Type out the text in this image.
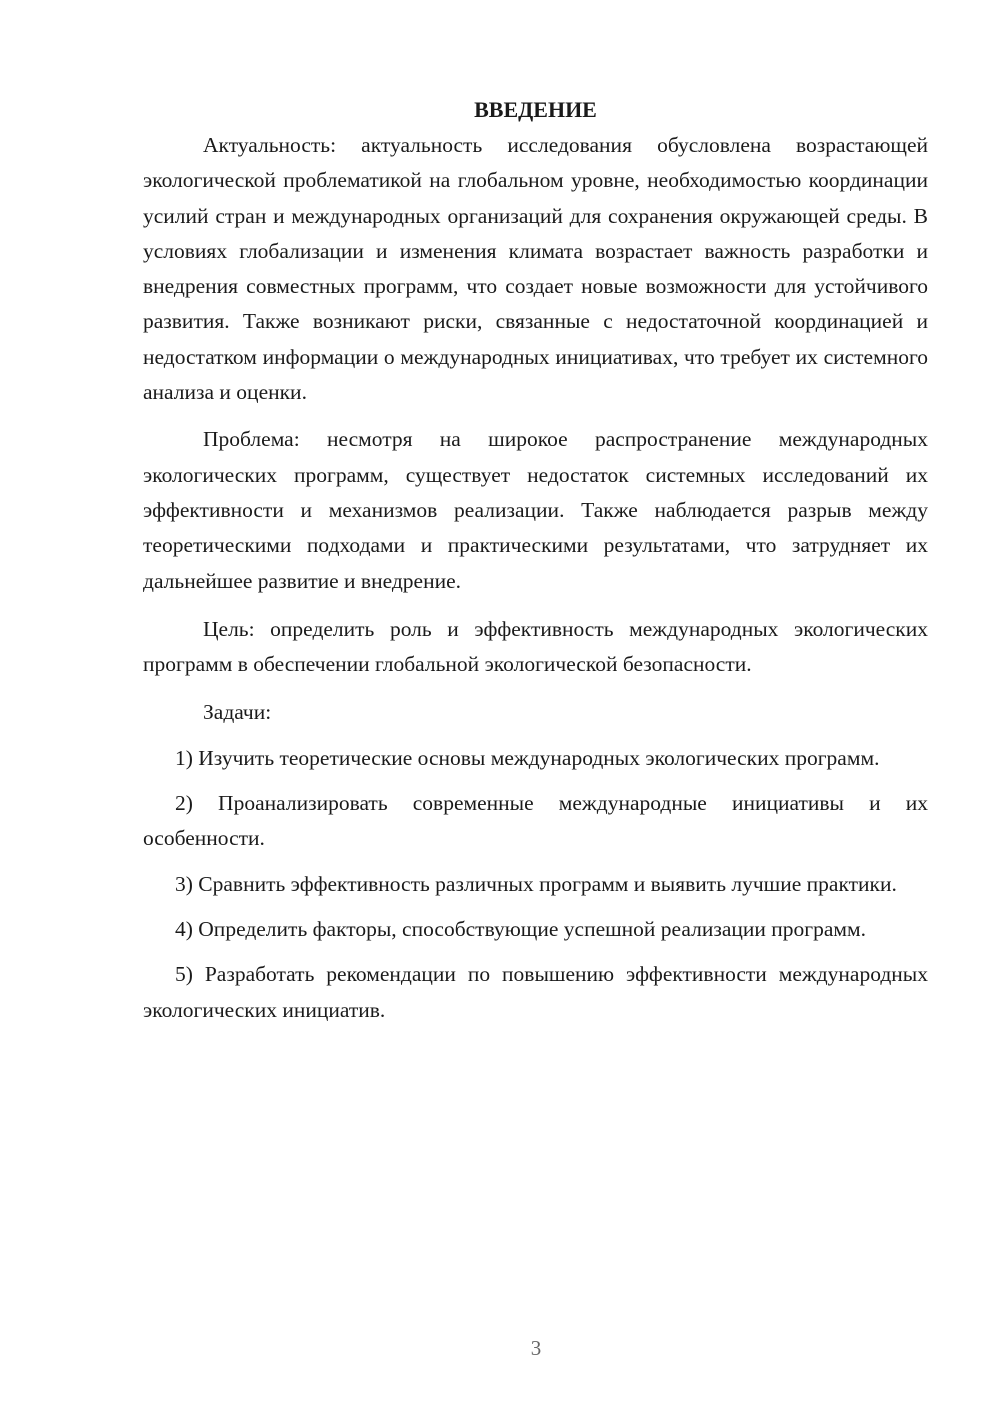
ВВЕДЕНИЕ

Актуальность: актуальность исследования обусловлена возрастающей экологической проблематикой на глобальном уровне, необходимостью координации усилий стран и международных организаций для сохранения окружающей среды. В условиях глобализации и изменения климата возрастает важность разработки и внедрения совместных программ, что создает новые возможности для устойчивого развития. Также возникают риски, связанные с недостаточной координацией и недостатком информации о международных инициативах, что требует их системного анализа и оценки.

Проблема: несмотря на широкое распространение международных экологических программ, существует недостаток системных исследований их эффективности и механизмов реализации. Также наблюдается разрыв между теоретическими подходами и практическими результатами, что затрудняет их дальнейшее развитие и внедрение.

Цель: определить роль и эффективность международных экологических программ в обеспечении глобальной экологической безопасности.

Задачи:

1) Изучить теоретические основы международных экологических программ.

2) Проанализировать современные международные инициативы и их особенности.

3) Сравнить эффективность различных программ и выявить лучшие практики.

4) Определить факторы, способствующие успешной реализации программ.

5) Разработать рекомендации по повышению эффективности международных экологических инициатив.

3
